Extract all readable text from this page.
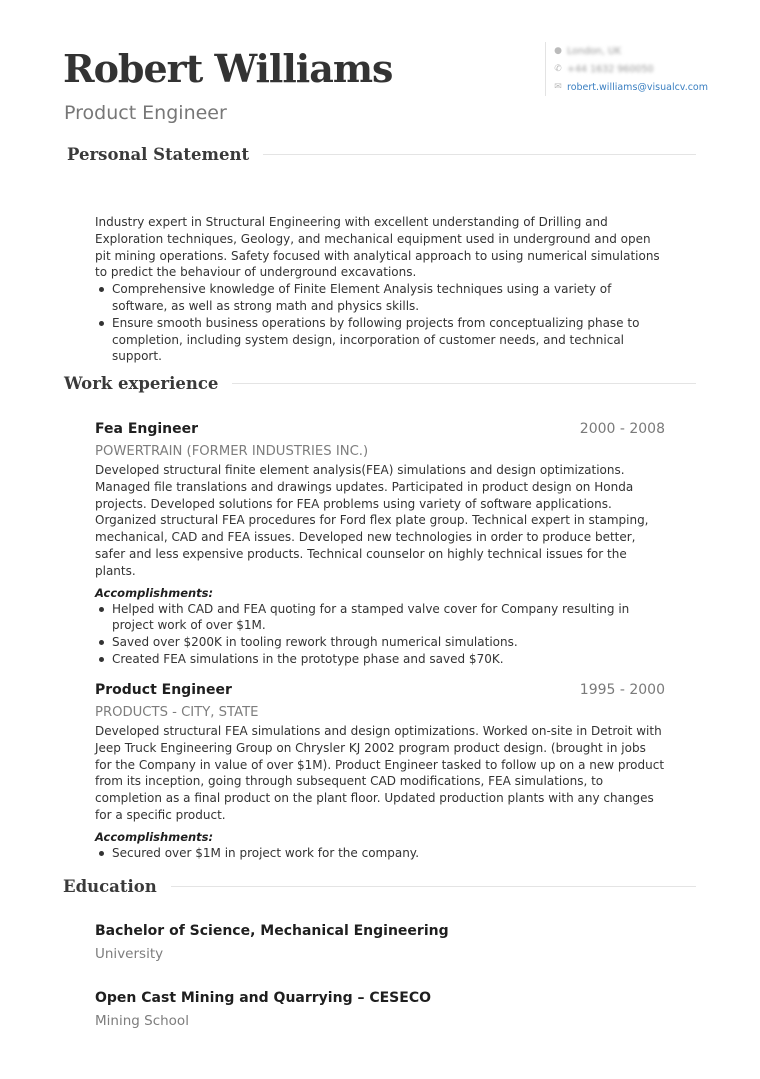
Robert Williams
Product Engineer
● London, UK
✆ +44 1632 960050
✉ robert.williams@visualcv.com
Personal Statement

Industry expert in Structural Engineering with excellent understanding of Drilling and Exploration techniques, Geology, and mechanical equipment used in underground and open pit mining operations. Safety focused with analytical approach to using numerical simulations to predict the behaviour of underground excavations.

Comprehensive knowledge of Finite Element Analysis techniques using a variety of software, as well as strong math and physics skills.
Ensure smooth business operations by following projects from conceptualizing phase to completion, including system design, incorporation of customer needs, and technical support.
Work experience
Fea Engineer	2000 - 2008
POWERTRAIN (FORMER INDUSTRIES INC.)

Developed structural finite element analysis(FEA) simulations and design optimizations. Managed file translations and drawings updates. Participated in product design on Honda projects. Developed solutions for FEA problems using variety of software applications. Organized structural FEA procedures for Ford flex plate group. Technical expert in stamping, mechanical, CAD and FEA issues. Developed new technologies in order to produce better, safer and less expensive products. Technical counselor on highly technical issues for the plants.

Accomplishments:
Helped with CAD and FEA quoting for a stamped valve cover for Company resulting in project work of over $1M.
Saved over $200K in tooling rework through numerical simulations.
Created FEA simulations in the prototype phase and saved $70K.
Product Engineer	1995 - 2000
PRODUCTS - CITY, STATE

Developed structural FEA simulations and design optimizations. Worked on-site in Detroit with Jeep Truck Engineering Group on Chrysler KJ 2002 program product design. (brought in jobs for the Company in value of over $1M). Product Engineer tasked to follow up on a new product from its inception, going through subsequent CAD modifications, FEA simulations, to completion as a final product on the plant floor. Updated production plants with any changes for a specific product.

Accomplishments:
Secured over $1M in project work for the company.
Education
Bachelor of Science, Mechanical Engineering
University
Open Cast Mining and Quarrying – CESECO
Mining School
